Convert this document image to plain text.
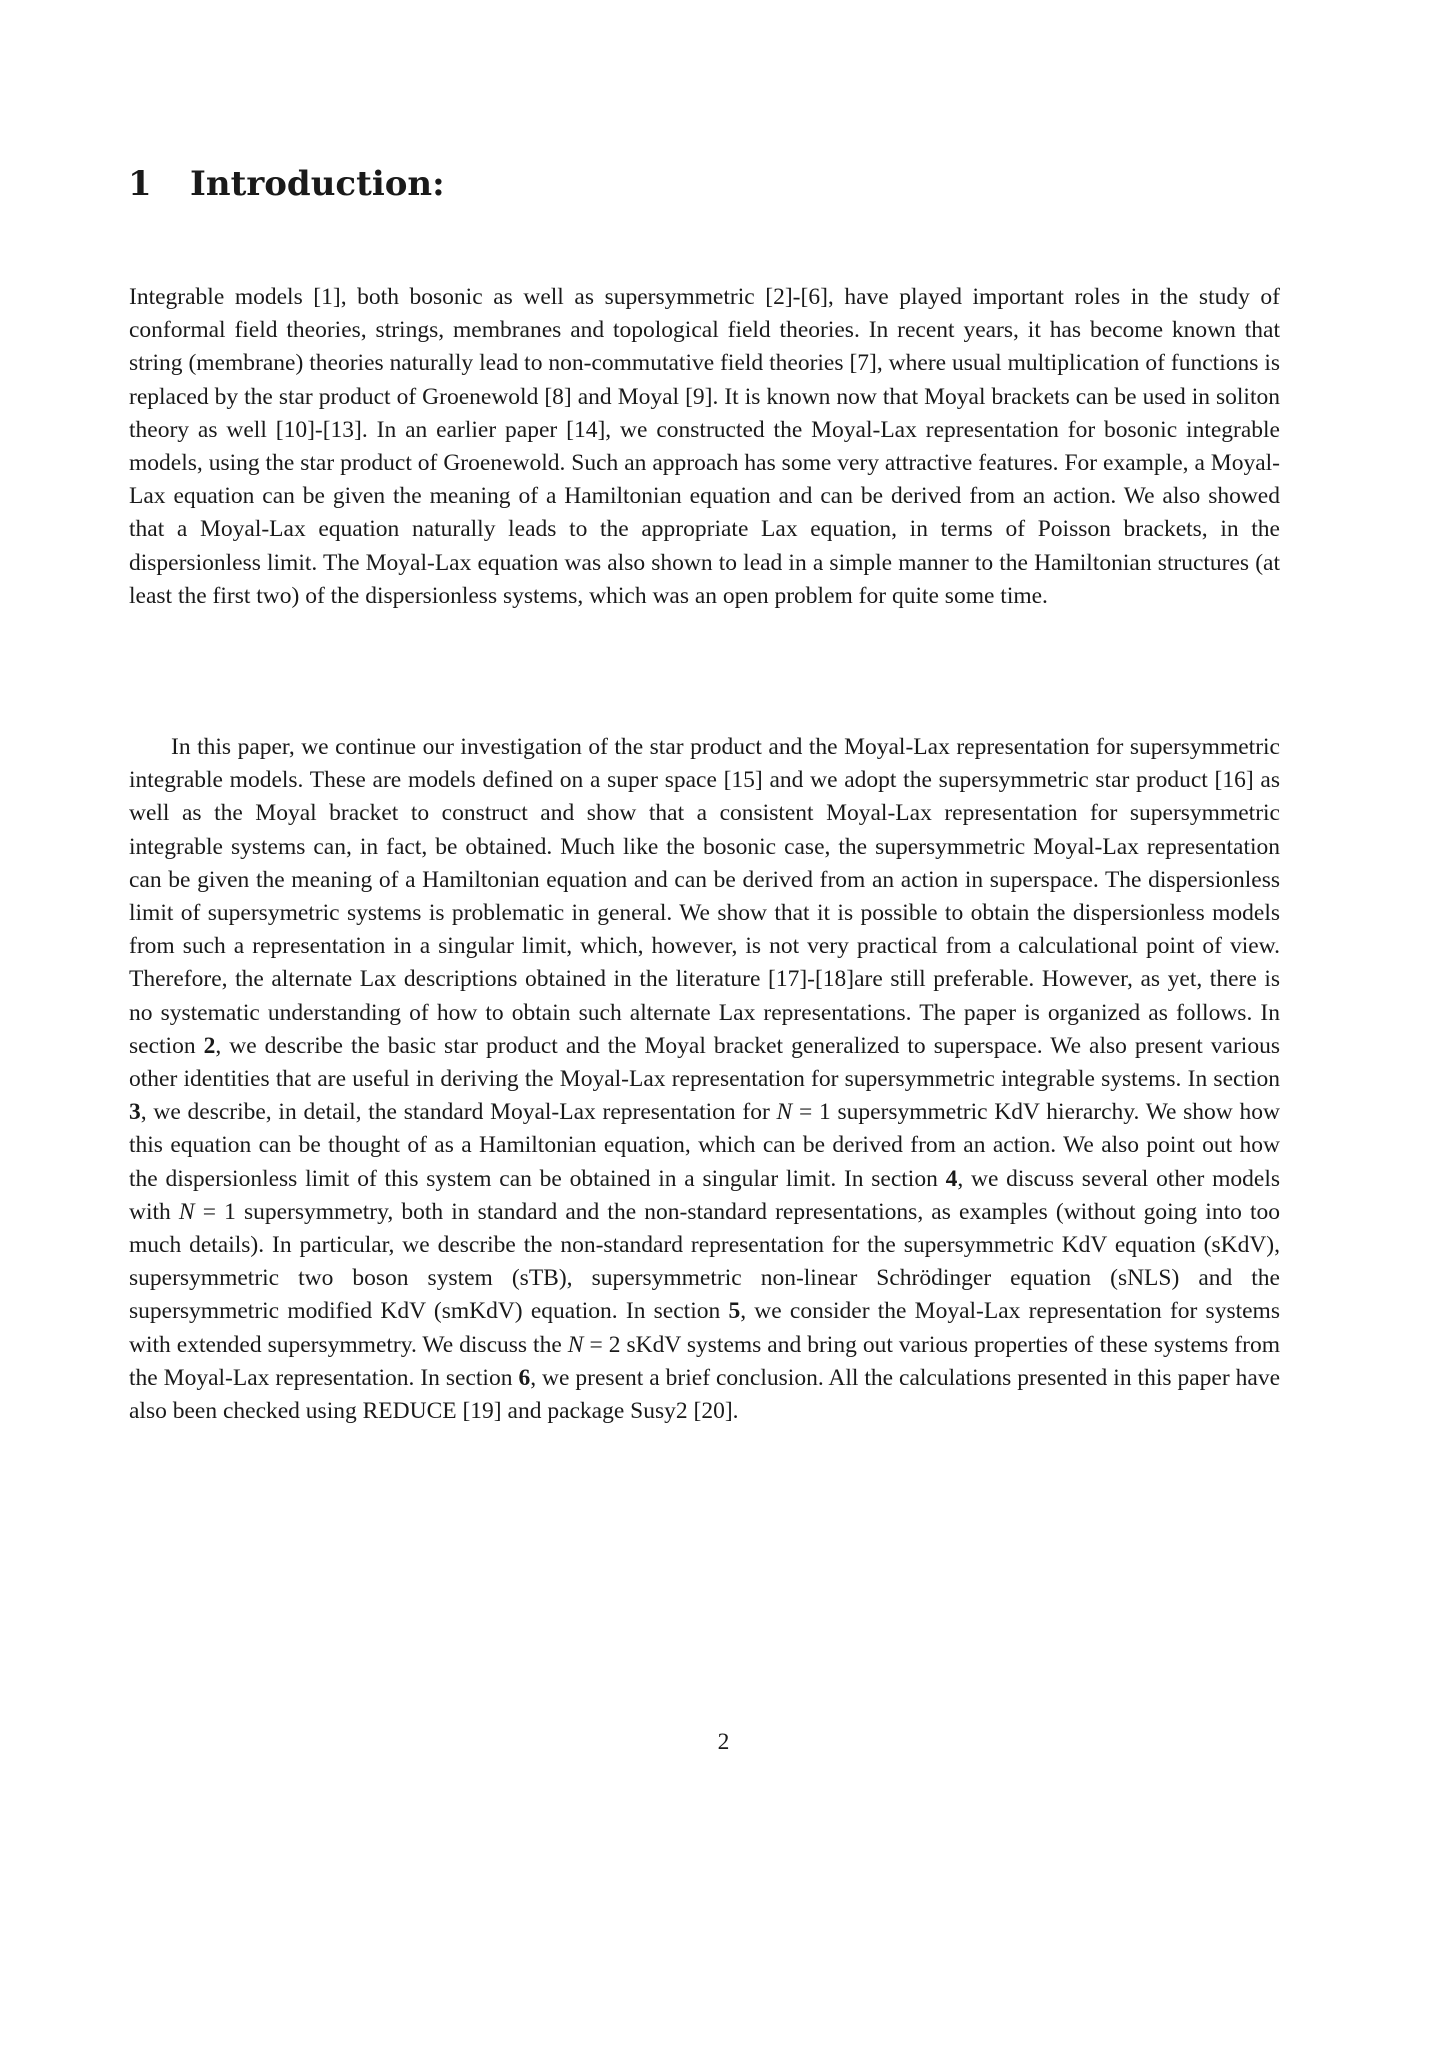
1 Introduction:

Integrable models [1], both bosonic as well as supersymmetric [2]-[6], have played important roles in the study of conformal field theories, strings, membranes and topological field theories. In recent years, it has become known that string (membrane) theories naturally lead to non-commutative field theories [7], where usual multiplication of functions is replaced by the star product of Groenewold [8] and Moyal [9]. It is known now that Moyal brackets can be used in soliton theory as well [10]-[13]. In an earlier paper [14], we constructed the Moyal-Lax representation for bosonic integrable models, using the star product of Groenewold. Such an approach has some very attractive features. For example, a Moyal-Lax equation can be given the meaning of a Hamiltonian equation and can be derived from an action. We also showed that a Moyal-Lax equation naturally leads to the appropriate Lax equation, in terms of Poisson brackets, in the dispersionless limit. The Moyal-Lax equation was also shown to lead in a simple manner to the Hamiltonian structures (at least the first two) of the dispersionless systems, which was an open problem for quite some time.

In this paper, we continue our investigation of the star product and the Moyal-Lax representation for supersymmetric integrable models. These are models defined on a super space [15] and we adopt the supersymmetric star product [16] as well as the Moyal bracket to construct and show that a consistent Moyal-Lax representation for supersymmetric integrable systems can, in fact, be obtained. Much like the bosonic case, the supersymmetric Moyal-Lax representation can be given the meaning of a Hamiltonian equation and can be derived from an action in superspace. The dispersionless limit of supersymetric systems is problematic in general. We show that it is possible to obtain the dispersionless models from such a representation in a singular limit, which, however, is not very practical from a calculational point of view. Therefore, the alternate Lax descriptions obtained in the literature [17]-[18]are still preferable. However, as yet, there is no systematic understanding of how to obtain such alternate Lax representations. The paper is organized as follows. In section 2, we describe the basic star product and the Moyal bracket generalized to superspace. We also present various other identities that are useful in deriving the Moyal-Lax representation for supersymmetric integrable systems. In section 3, we describe, in detail, the standard Moyal-Lax representation for N = 1 supersymmetric KdV hierarchy. We show how this equation can be thought of as a Hamiltonian equation, which can be derived from an action. We also point out how the dispersionless limit of this system can be obtained in a singular limit. In section 4, we discuss several other models with N = 1 supersymmetry, both in standard and the non-standard representations, as examples (without going into too much details). In particular, we describe the non-standard representation for the supersymmetric KdV equation (sKdV), supersymmetric two boson system (sTB), supersymmetric non-linear Schrödinger equation (sNLS) and the supersymmetric modified KdV (smKdV) equation. In section 5, we consider the Moyal-Lax representation for systems with extended supersymmetry. We discuss the N = 2 sKdV systems and bring out various properties of these systems from the Moyal-Lax representation. In section 6, we present a brief conclusion. All the calculations presented in this paper have also been checked using REDUCE [19] and package Susy2 [20].

2
